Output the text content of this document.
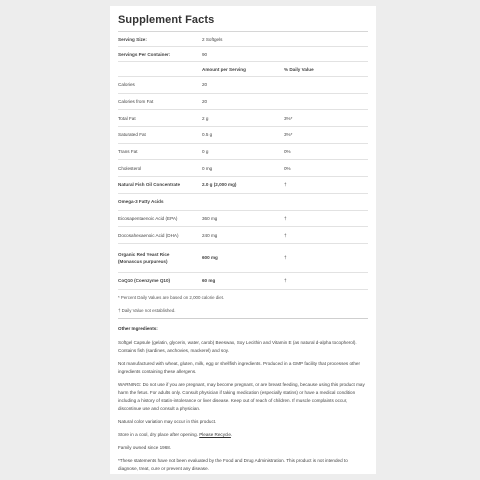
Supplement Facts
Serving Size:	2 Softgels
Servings Per Container:	90
Amount per Serving	% Daily Value
Calories	20
Calories from Fat	20
Total Fat	2 g	3%*
Saturated Fat	0.5 g	3%*
Trans Fat	0 g	0%
Cholesterol	0 mg	0%
Natural Fish Oil Concentrate	2.0 g (2,000 mg)	†
Omega-3 Fatty Acids
Eicosapentaenoic Acid (EPA)	360 mg	†
Docosahexaenoic Acid (DHA)	240 mg	†
Organic Red Yeast Rice
(Monascus purpureus)
600 mg	†
CoQ10 (Coenzyme Q10)	60 mg	†
* Percent Daily Values are based on 2,000 calorie diet.
† Daily Value not established.

Other Ingredients:

Softgel Capsule (gelatin, glycerin, water, carob) Beeswax, Soy Lecithin and Vitamin E (as natural d-alpha tocopherol). Contains fish (sardines, anchovies, mackerel) and soy.

Not manufactured with wheat, gluten, milk, egg or shellfish ingredients. Produced in a GMP facility that processes other ingredients containing these allergens.

WARNING: Do not use if you are pregnant, may become pregnant, or are breast feeding, because using this product may harm the fetus. For adults only. Consult physician if taking medication (especially statins) or have a medical condition including a history of statin-intolerance or liver disease. Keep out of reach of children. If muscle complaints occur, discontinue use and consult a physician.

Natural color variation may occur in this product.

Store in a cool, dry place after opening. Please Recycle.

Family owned since 1968.

*These statements have not been evaluated by the Food and Drug Administration. This product is not intended to diagnose, treat, cure or prevent any disease.
